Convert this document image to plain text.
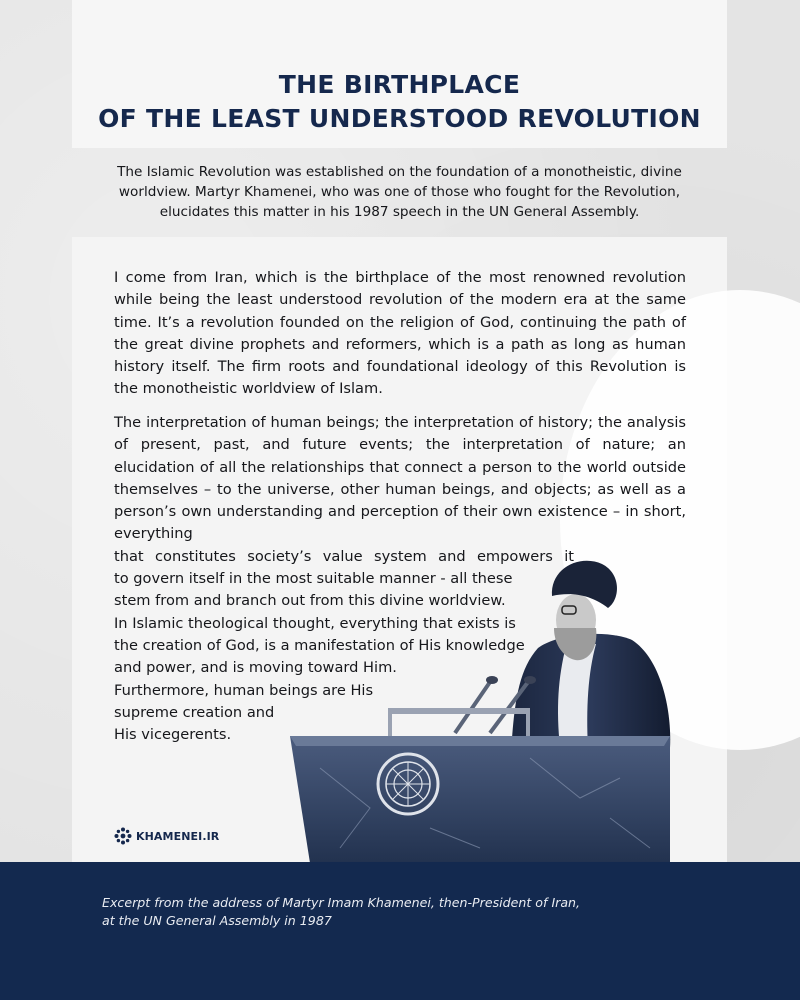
THE BIRTHPLACE
OF THE LEAST UNDERSTOOD REVOLUTION

The Islamic Revolution was established on the foundation of a monotheistic, divine
worldview. Martyr Khamenei, who was one of those who fought for the Revolution,
elucidates this matter in his 1987 speech in the UN General Assembly.

I come from Iran, which is the birthplace of the most renowned revolution while being the least understood revolution of the modern era at the same time. It’s a revolution founded on the religion of God, continuing the path of the great divine prophets and reformers, which is a path as long as human history itself. The firm roots and foundational ideology of this Revolution is the monotheistic worldview of Islam.

The interpretation of human beings; the interpretation of history; the analysis of present, past, and future events; the interpretation of nature; an elucidation of all the relationships that connect a person to the world outside themselves – to the universe, other human beings, and objects; as well as a person’s own understanding and perception of their own existence – in short, everything
that constitutes society’s value system and empowers it
to govern itself in the most suitable manner - all these
stem from and branch out from this divine worldview.
In Islamic theological thought, everything that exists is
the creation of God, is a manifestation of His knowledge
and power, and is moving toward Him.
Furthermore, human beings are His
supreme creation and
His vicegerents.

KHAMENEI.IR

Excerpt from the address of Martyr Imam Khamenei, then-President of Iran,
at the UN General Assembly in 1987
